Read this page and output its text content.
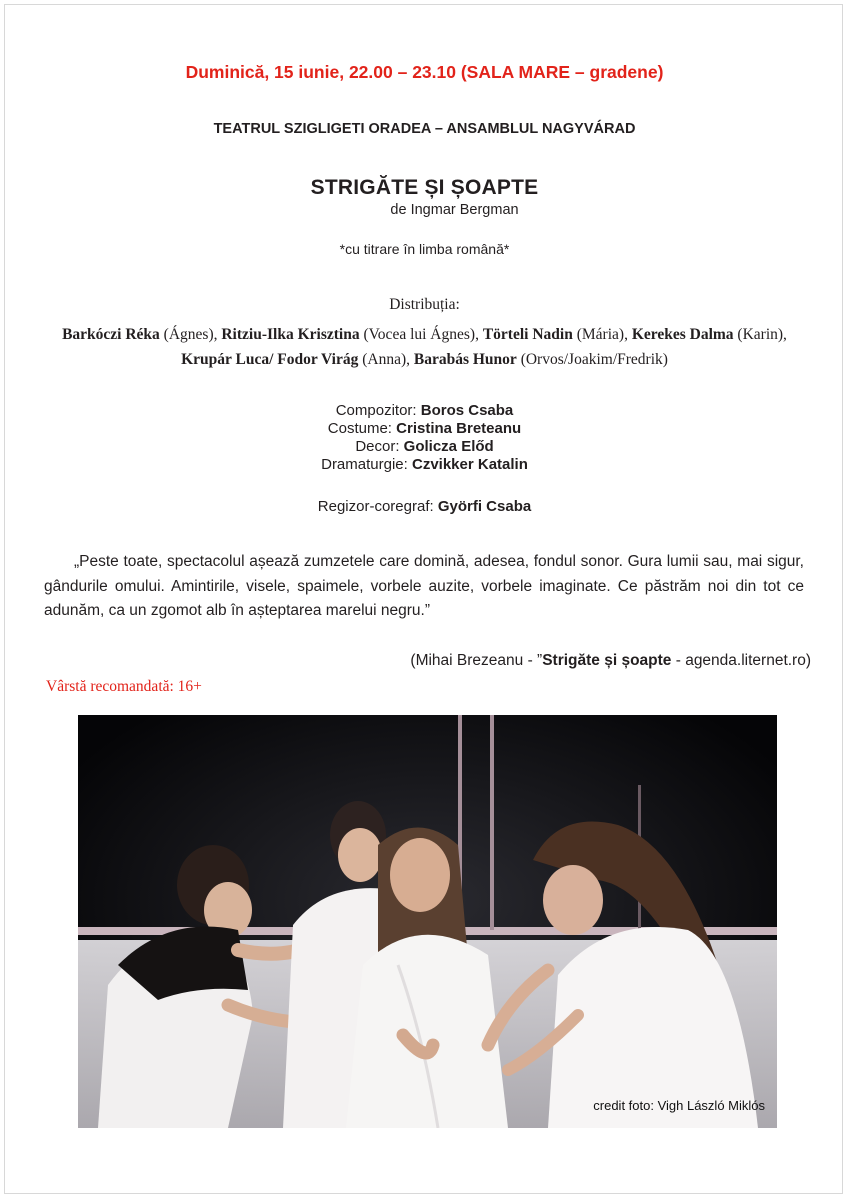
Duminică, 15 iunie, 22.00 – 23.10 (SALA MARE – gradene)
TEATRUL SZIGLIGETI ORADEA – ANSAMBLUL NAGYVÁRAD
STRIGĂTE ȘI ȘOAPTE
de Ingmar Bergman
*cu titrare în limba română*
Distribuția:
Barkóczi Réka (Ágnes), Ritziu-Ilka Krisztina (Vocea lui Ágnes), Törteli Nadin (Mária), Kerekes Dalma (Karin), Krupár Luca/ Fodor Virág (Anna), Barabás Hunor (Orvos/Joakim/Fredrik)
Compozitor: Boros Csaba
Costume: Cristina Breteanu
Decor: Golicza Előd
Dramaturgie: Czvikker Katalin
Regizor-coregraf: Györfi Csaba
„Peste toate, spectacolul așează zumzetele care domină, adesea, fondul sonor. Gura lumii sau, mai sigur, gândurile omului. Amintirile, visele, spaimele, vorbele auzite, vorbele imaginate. Ce păstrăm noi din tot ce adunăm, ca un zgomot alb în așteptarea marelui negru.”
(Mihai Brezeanu - ”Strigăte și șoapte - agenda.liternet.ro)
Vârstă recomandată: 16+
credit foto: Vigh László Miklós
